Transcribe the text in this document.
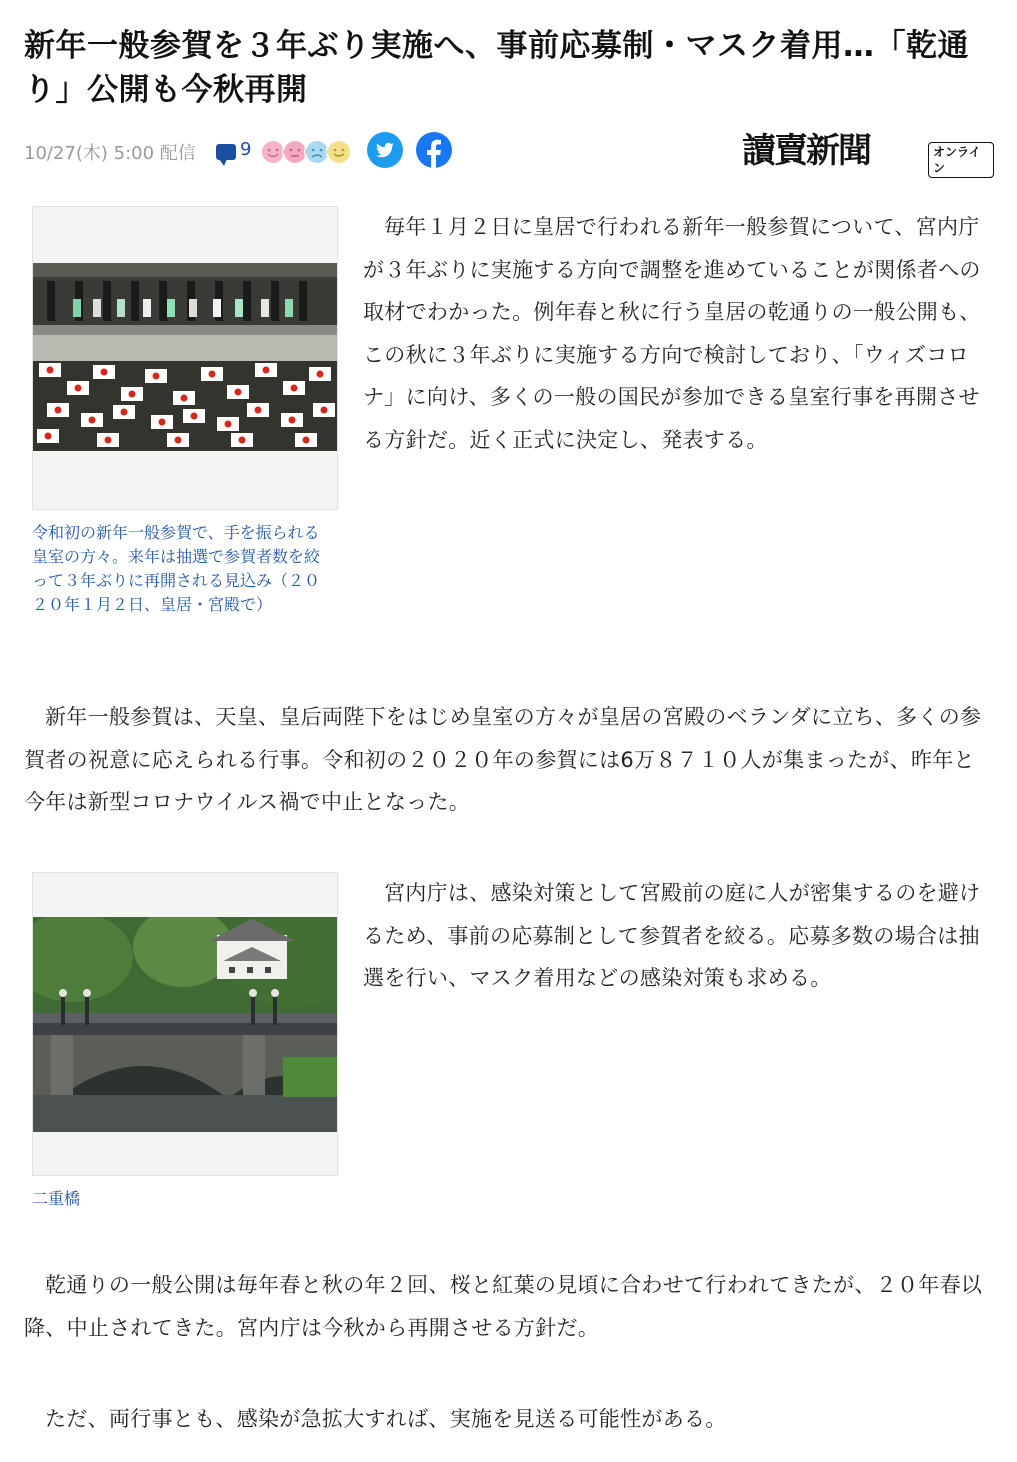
新年一般参賀を３年ぶり実施へ、事前応募制・マスク着用…「乾通り」公開も今秋再開
10/27(木) 5:00 配信 9	讀賣新聞	オンライン
令和初の新年一般参賀で、手を振られる皇室の方々。来年は抽選で参賀者数を絞って３年ぶりに再開される見込み（２０２０年１月２日、皇居・宮殿で）

毎年１月２日に皇居で行われる新年一般参賀について、宮内庁が３年ぶりに実施する方向で調整を進めていることが関係者への取材でわかった。例年春と秋に行う皇居の乾通りの一般公開も、この秋に３年ぶりに実施する方向で検討しており、「ウィズコロナ」に向け、多くの一般の国民が参加できる皇室行事を再開させる方針だ。近く正式に決定し、発表する。

新年一般参賀は、天皇、皇后両陛下をはじめ皇室の方々が皇居の宮殿のベランダに立ち、多くの参賀者の祝意に応えられる行事。令和初の２０２０年の参賀には6万８７１０人が集まったが、昨年と今年は新型コロナウイルス禍で中止となった。

二重橋

宮内庁は、感染対策として宮殿前の庭に人が密集するのを避けるため、事前の応募制として参賀者を絞る。応募多数の場合は抽選を行い、マスク着用などの感染対策も求める。

乾通りの一般公開は毎年春と秋の年２回、桜と紅葉の見頃に合わせて行われてきたが、２０年春以降、中止されてきた。宮内庁は今秋から再開させる方針だ。

ただ、両行事とも、感染が急拡大すれば、実施を見送る可能性がある。
